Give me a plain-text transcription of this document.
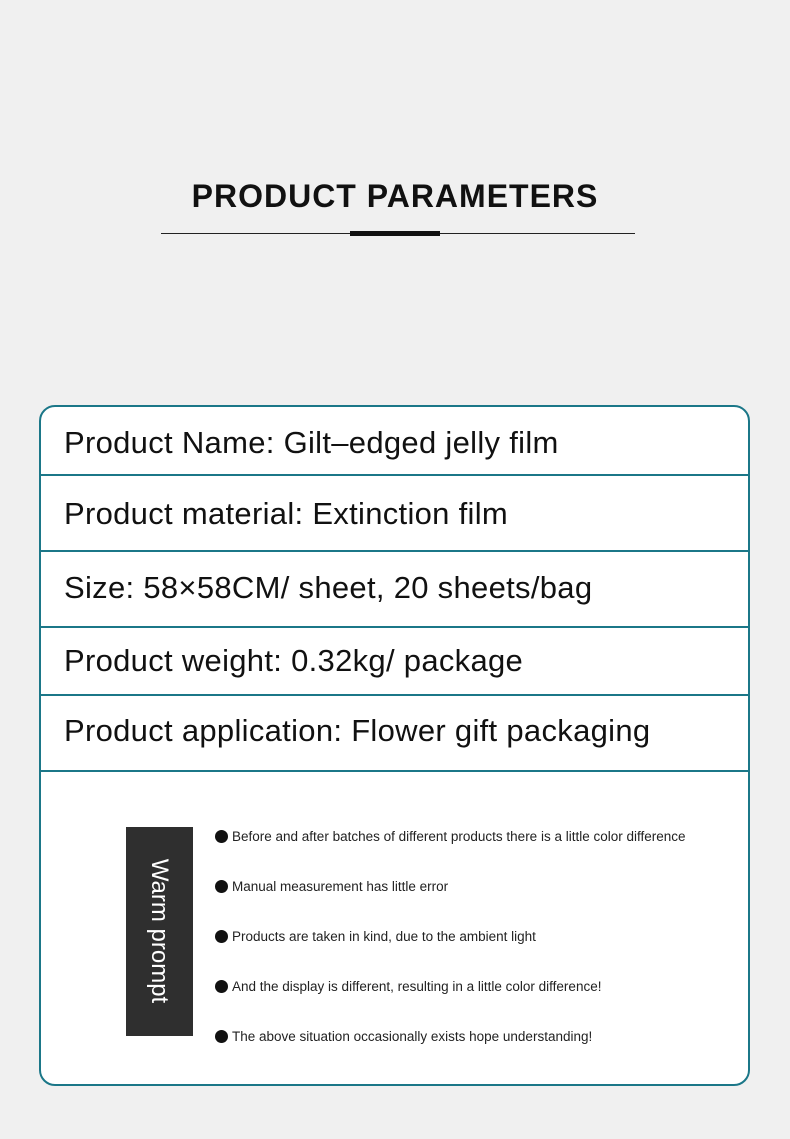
PRODUCT PARAMETERS
Product Name: Gilt–edged jelly film
Product material: Extinction film
Size: 58×58CM/ sheet, 20 sheets/bag
Product weight: 0.32kg/ package
Product application: Flower gift packaging
Warm prompt
Before and after batches of different products there is a little color difference
Manual measurement has little error
Products are taken in kind, due to the ambient light
And the display is different, resulting in a little color difference!
The above situation occasionally exists hope understanding!
